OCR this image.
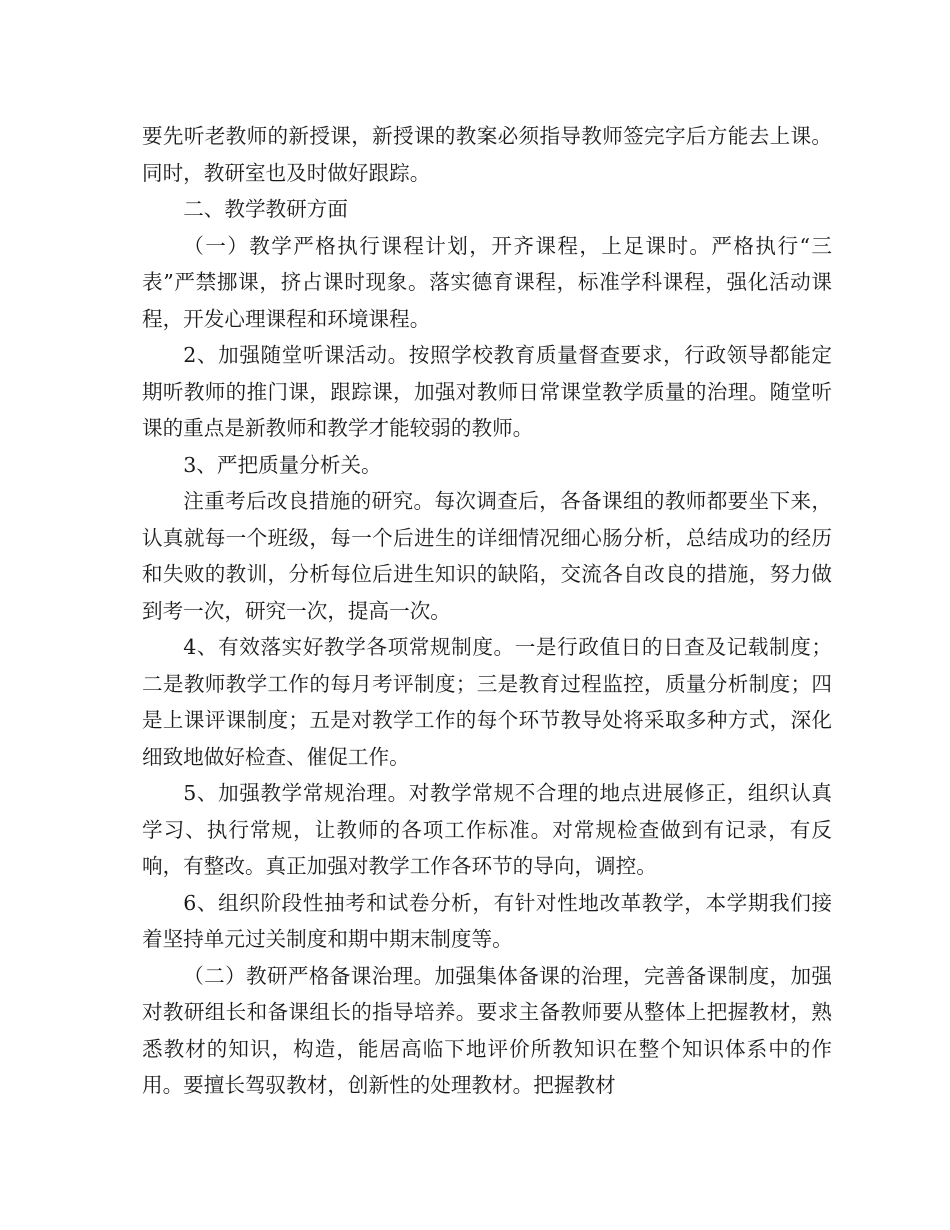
要先听老教师的新授课，新授课的教案必须指导教师签完字后方能去上课。同时，教研室也及时做好跟踪。

二、教学教研方面

（一）教学严格执行课程计划，开齐课程，上足课时。严格执行“三表”严禁挪课，挤占课时现象。落实德育课程，标准学科课程，强化活动课程，开发心理课程和环境课程。

2、加强随堂听课活动。按照学校教育质量督查要求，行政领导都能定期听教师的推门课，跟踪课，加强对教师日常课堂教学质量的治理。随堂听课的重点是新教师和教学才能较弱的教师。

3、严把质量分析关。

注重考后改良措施的研究。每次调查后，各备课组的教师都要坐下来，认真就每一个班级，每一个后进生的详细情况细心肠分析，总结成功的经历和失败的教训，分析每位后进生知识的缺陷，交流各自改良的措施，努力做到考一次，研究一次，提高一次。

4、有效落实好教学各项常规制度。一是行政值日的日查及记载制度；二是教师教学工作的每月考评制度；三是教育过程监控，质量分析制度；四是上课评课制度；五是对教学工作的每个环节教导处将采取多种方式，深化细致地做好检查、催促工作。

5、加强教学常规治理。对教学常规不合理的地点进展修正，组织认真学习、执行常规，让教师的各项工作标准。对常规检查做到有记录，有反响，有整改。真正加强对教学工作各环节的导向，调控。

6、组织阶段性抽考和试卷分析，有针对性地改革教学，本学期我们接着坚持单元过关制度和期中期末制度等。

（二）教研严格备课治理。加强集体备课的治理，完善备课制度，加强对教研组长和备课组长的指导培养。要求主备教师要从整体上把握教材，熟悉教材的知识，构造，能居高临下地评价所教知识在整个知识体系中的作用。要擅长驾驭教材，创新性的处理教材。把握教材
